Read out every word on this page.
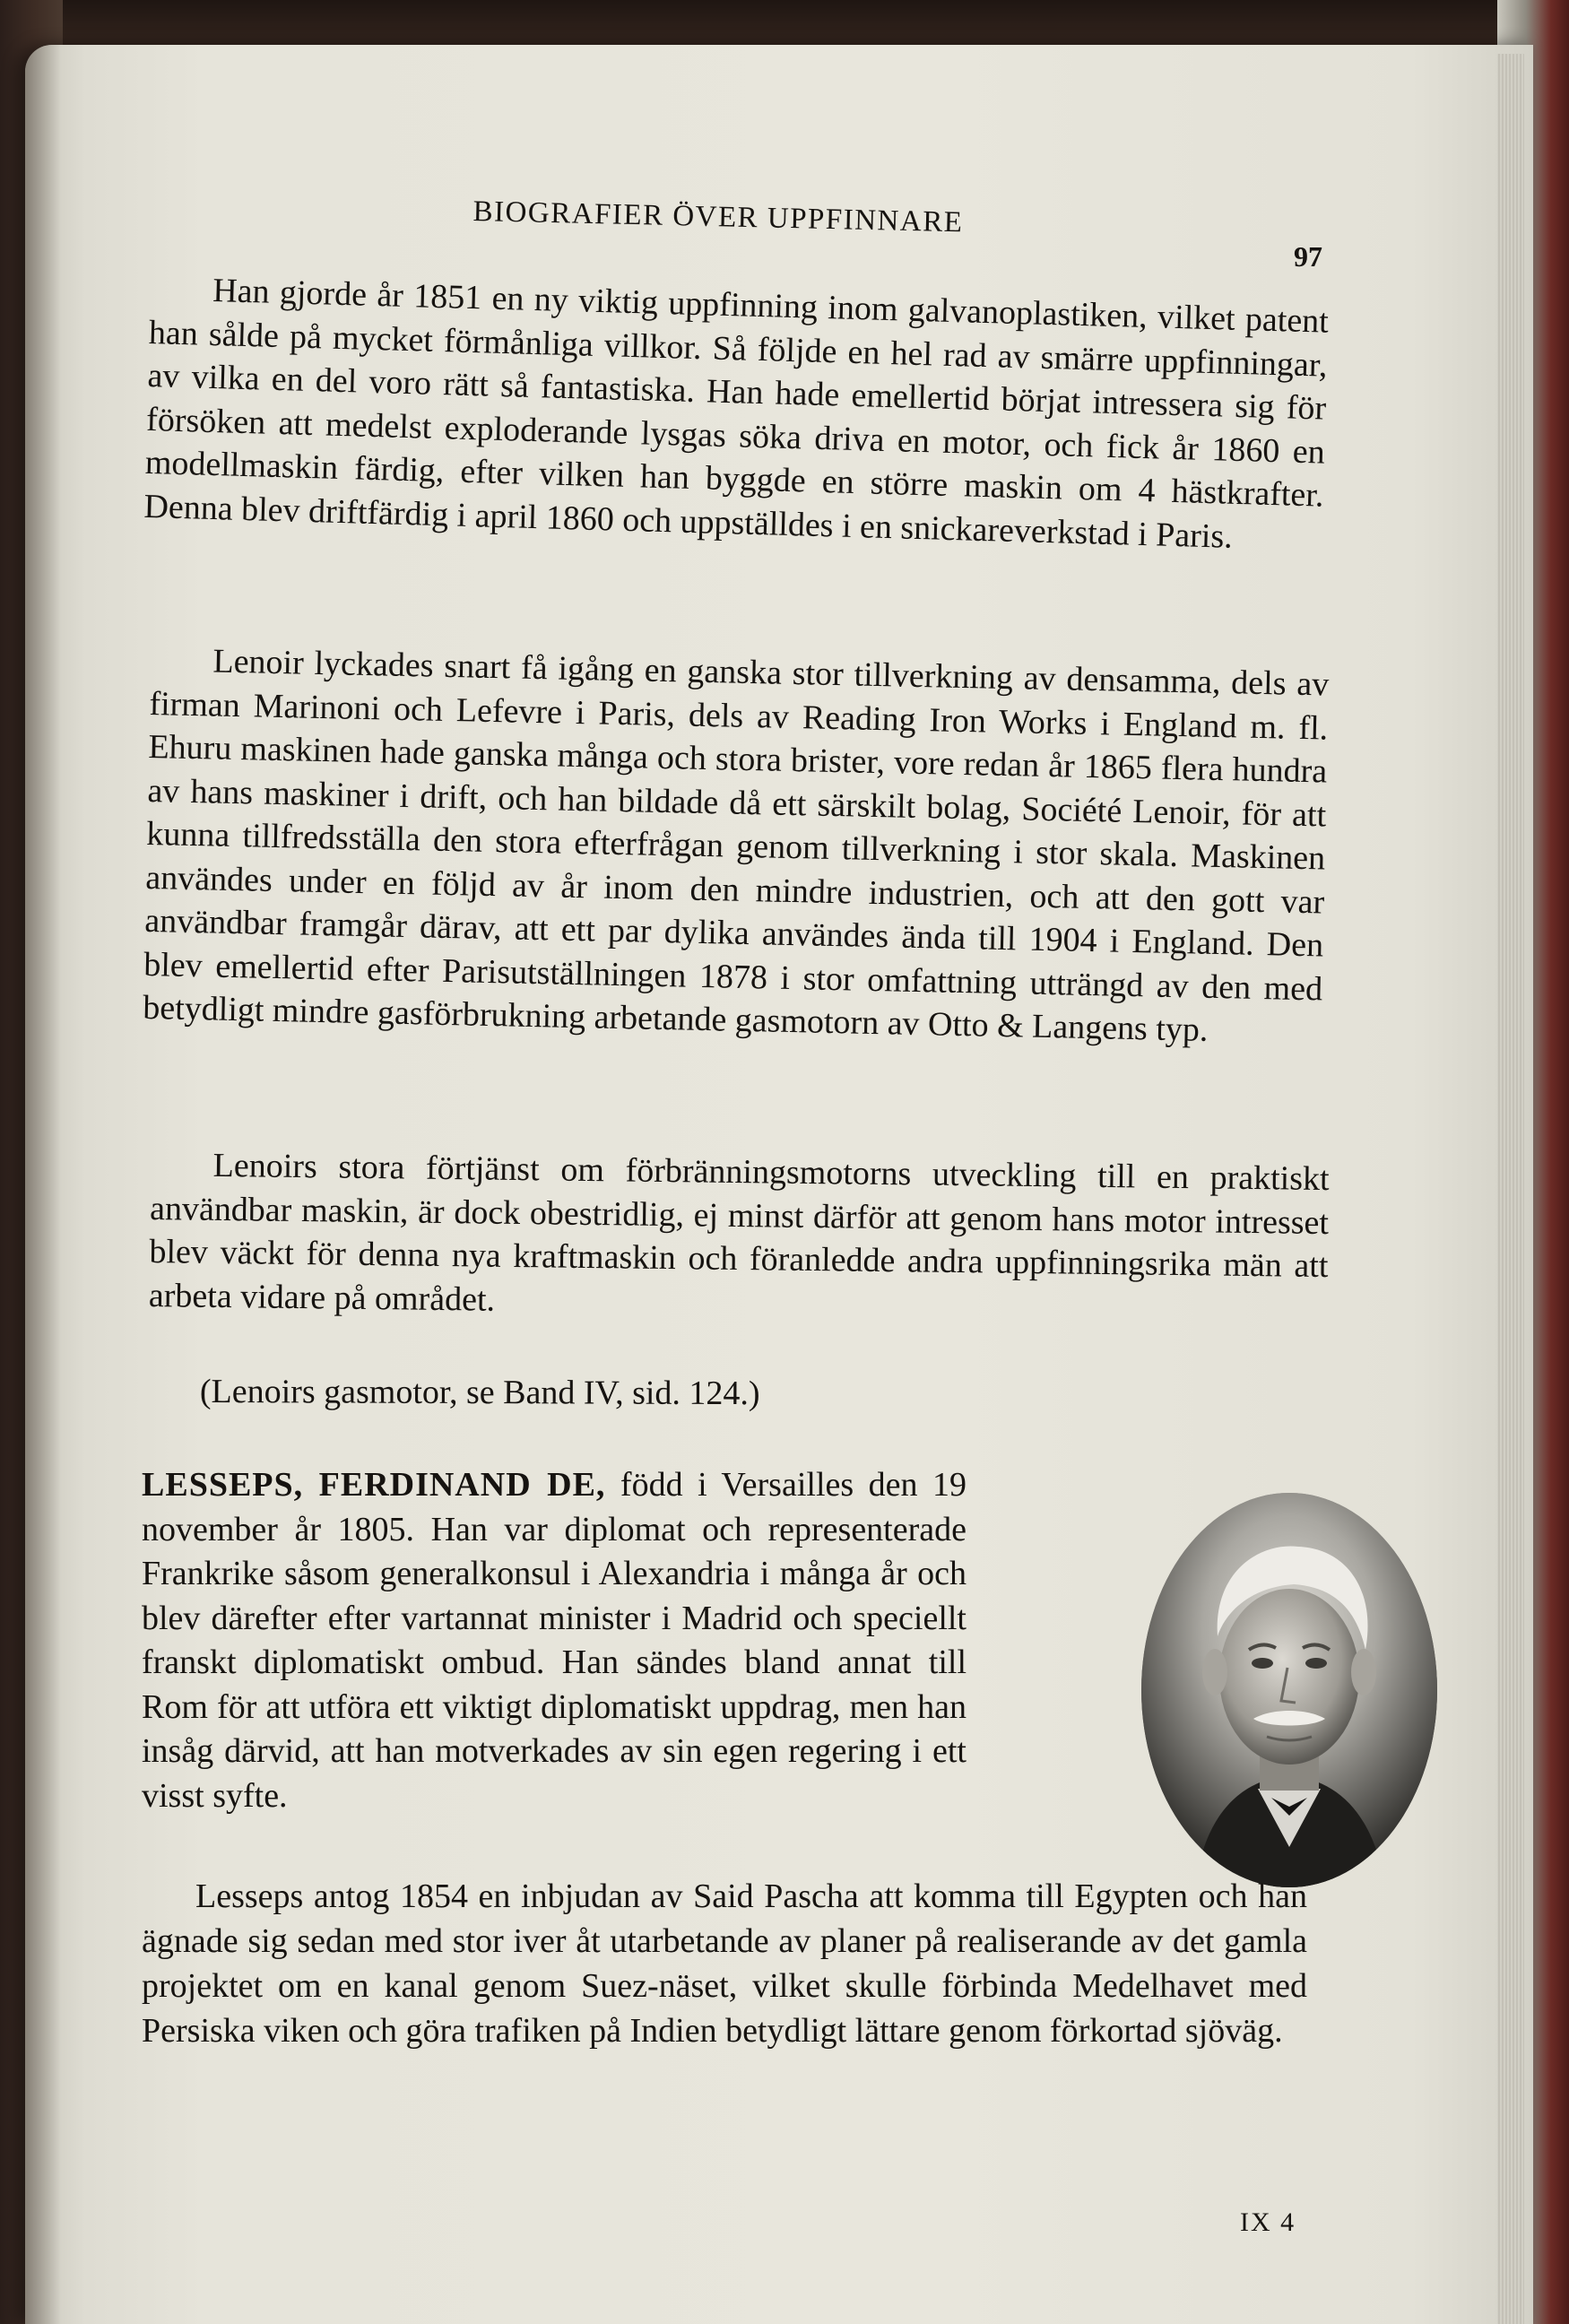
BIOGRAFIER ÖVER UPPFINNARE
97
Han gjorde år 1851 en ny viktig uppfinning inom galvanoplastiken, vilket patent han sålde på mycket förmånliga villkor. Så följde en hel rad av smärre uppfinningar, av vilka en del voro rätt så fantastiska. Han hade emellertid börjat intressera sig för försöken att medelst exploderande lysgas söka driva en motor, och fick år 1860 en modellmaskin färdig, efter vilken han byggde en större maskin om 4 hästkrafter. Denna blev driftfärdig i april 1860 och uppställdes i en snickareverkstad i Paris.
Lenoir lyckades snart få igång en ganska stor tillverkning av densamma, dels av firman Marinoni och Lefevre i Paris, dels av Reading Iron Works i England m. fl. Ehuru maskinen hade ganska många och stora brister, vore redan år 1865 flera hundra av hans maskiner i drift, och han bildade då ett särskilt bolag, Société Lenoir, för att kunna tillfredsställa den stora efterfrågan genom tillverkning i stor skala. Maskinen användes under en följd av år inom den mindre industrien, och att den gott var användbar framgår därav, att ett par dylika användes ända till 1904 i England. Den blev emellertid efter Parisutställningen 1878 i stor omfattning utträngd av den med betydligt mindre gasförbrukning arbetande gasmotorn av Otto & Langens typ.
Lenoirs stora förtjänst om förbränningsmotorns utveckling till en praktiskt användbar maskin, är dock obestridlig, ej minst därför att genom hans motor intresset blev väckt för denna nya kraftmaskin och föranledde andra uppfinningsrika män att arbeta vidare på området.
(Lenoirs gasmotor, se Band IV, sid. 124.)
LESSEPS, FERDINAND DE, född i Versailles den 19 november år 1805. Han var diplomat och representerade Frankrike såsom generalkonsul i Alexandria i många år och blev därefter efter vartannat minister i Madrid och speciellt franskt diplomatiskt ombud. Han sändes bland annat till Rom för att utföra ett viktigt diplomatiskt uppdrag, men han insåg därvid, att han motverkades av sin egen regering i ett visst syfte.
Lesseps antog 1854 en inbjudan av Said Pascha att komma till Egypten och han ägnade sig sedan med stor iver åt utarbetande av planer på realiserande av det gamla projektet om en kanal genom Suez-näset, vilket skulle förbinda Medelhavet med Persiska viken och göra trafiken på Indien betydligt lättare genom förkortad sjöväg.
IX 4
